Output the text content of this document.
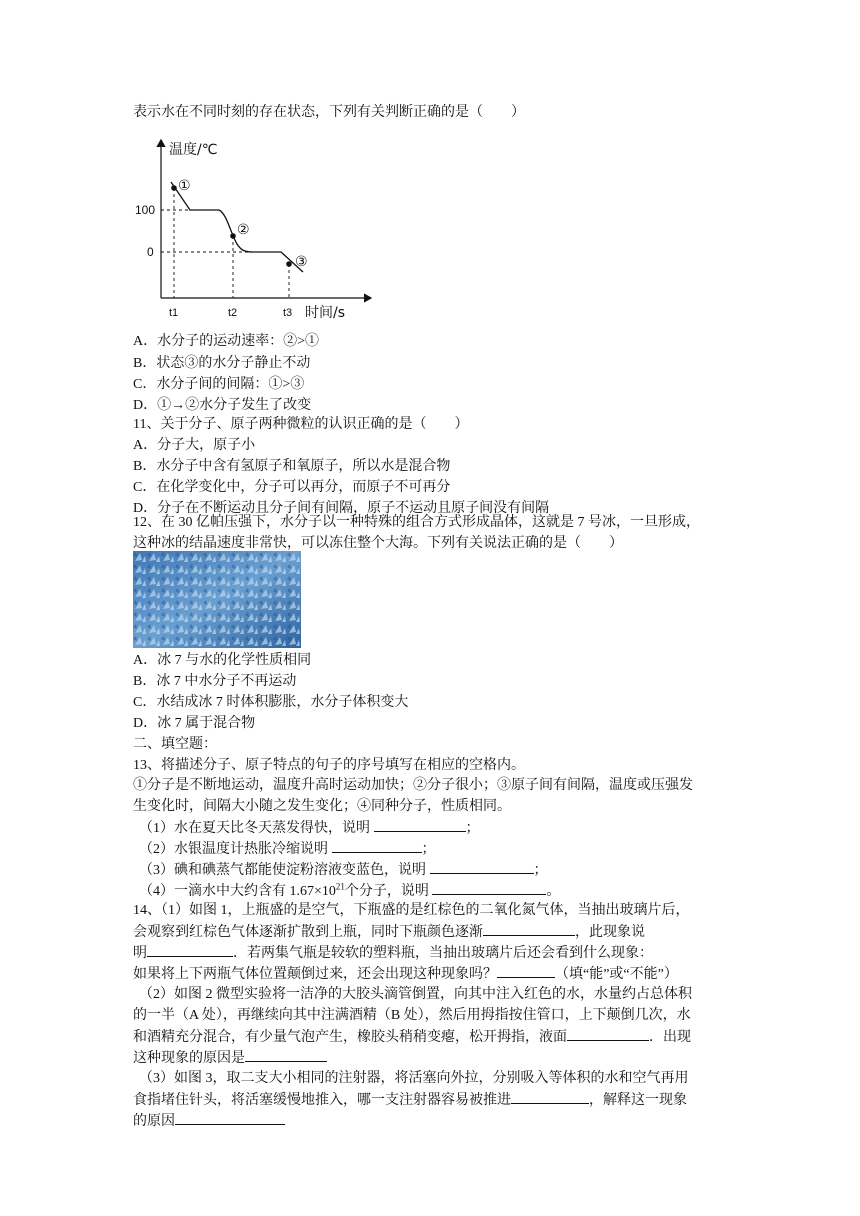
表示水在不同时刻的存在状态，下列有关判断正确的是（　　）
温度/℃
时间/s
100
0
t1	t2	t3
①
②
③
A．水分子的运动速率：②>①
B．状态③的水分子静止不动
C．水分子间的间隔：①>③
D．①→②水分子发生了改变
11、关于分子、原子两种微粒的认识正确的是（　　）
A．分子大，原子小
B．水分子中含有氢原子和氧原子，所以水是混合物
C．在化学变化中，分子可以再分，而原子不可再分
D．分子在不断运动且分子间有间隔，原子不运动且原子间没有间隔
12、在 30 亿帕压强下，水分子以一种特殊的组合方式形成晶体，这就是 7 号冰，一旦形成，
这种冰的结晶速度非常快，可以冻住整个大海。下列有关说法正确的是（　　）
A．冰 7 与水的化学性质相同
B．冰 7 中水分子不再运动
C．水结成冰 7 时体积膨胀，水分子体积变大
D．冰 7 属于混合物
二、填空题：
13、将描述分子、原子特点的句子的序号填写在相应的空格内。
①分子是不断地运动，温度升高时运动加快；②分子很小；③原子间有间隔，温度或压强发
生变化时，间隔大小随之发生变化；④同种分子，性质相同。
（1）水在夏天比冬天蒸发得快，说明	；
（2）水银温度计热胀冷缩说明	；
（3）碘和碘蒸气都能使淀粉溶液变蓝色，说明	；
（4）一滴水中大约含有 $1.67\times 10^{21}$个分子，说明	。
14、（1）如图 1，上瓶盛的是空气，下瓶盛的是红棕色的二氧化氮气体，当抽出玻璃片后，
会观察到红棕色气体逐渐扩散到上瓶，同时下瓶颜色逐渐	，此现象说
明	．若两集气瓶是较软的塑料瓶，当抽出玻璃片后还会看到什么现象：
如果将上下两瓶气体位置颠倒过来，还会出现这种现象吗？	（填“能”或“不能”）
（2）如图 2 微型实验将一洁净的大胶头滴管倒置，向其中注入红色的水，水量约占总体积
的一半（A 处），再继续向其中注满酒精（B 处），然后用拇指按住管口，上下颠倒几次，水
和酒精充分混合，有少量气泡产生，橡胶头稍稍变瘪，松开拇指，液面	．出现
这种现象的原因是
（3）如图 3，取二支大小相同的注射器，将活塞向外拉，分别吸入等体积的水和空气再用
食指堵住针头，将活塞缓慢地推入，哪一支注射器容易被推进	，解释这一现象
的原因
